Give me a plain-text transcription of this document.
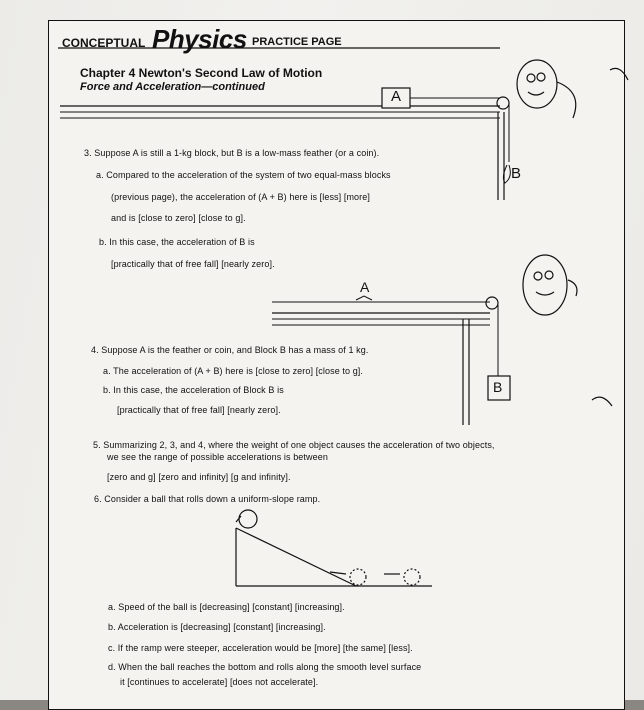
CONCEPTUAL Physics PRACTICE PAGE
Chapter 4 Newton's Second Law of Motion
Force and Acceleration—continued
A
B
A
B
3. Suppose A is still a 1-kg block, but B is a low-mass feather (or a coin).
a. Compared to the acceleration of the system of two equal-mass blocks
(previous page), the acceleration of (A + B) here is [less] [more]
and is [close to zero] [close to g].
b. In this case, the acceleration of B is
[practically that of free fall] [nearly zero].
4. Suppose A is the feather or coin, and Block B has a mass of 1 kg.
a. The acceleration of (A + B) here is [close to zero] [close to g].
b. In this case, the acceleration of Block B is
[practically that of free fall] [nearly zero].
5. Summarizing 2, 3, and 4, where the weight of one object causes the acceleration of two objects,
we see the range of possible accelerations is between
[zero and g] [zero and infinity] [g and infinity].
6. Consider a ball that rolls down a uniform-slope ramp.
a. Speed of the ball is [decreasing] [constant] [increasing].
b. Acceleration is [decreasing] [constant] [increasing].
c. If the ramp were steeper, acceleration would be [more] [the same] [less].
d. When the ball reaches the bottom and rolls along the smooth level surface
it [continues to accelerate] [does not accelerate].
